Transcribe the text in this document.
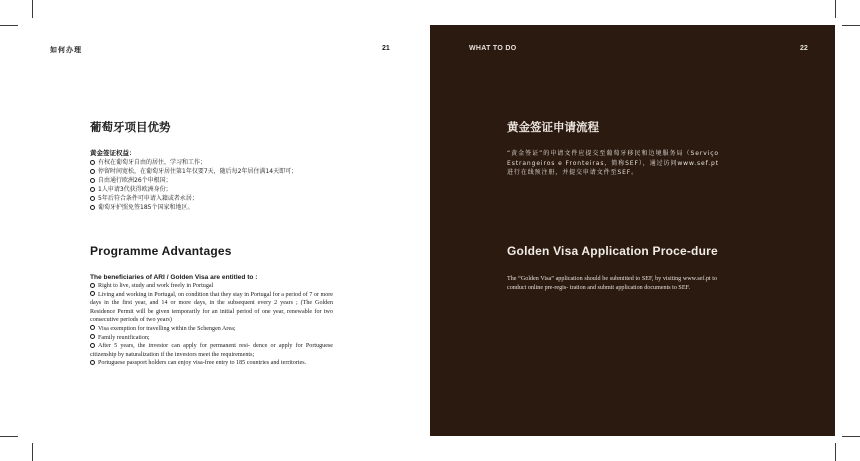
如何办理	21
葡萄牙项目优势
黄金签证权益：
有权在葡萄牙自由的居住，学习和工作；
停留时间宽松，在葡萄牙居住第1年仅要7天，随后每2年居住满14天即可；
自由通行欧洲26个申根国；
1人申请3代获得欧洲身份；
5年后符合条件可申请入籍或者永居；
葡萄牙护照免签185个国家和地区。
Programme Advantages
The beneficiaries of ARI / Golden Visa are entitled to :
Right to live, study and work freely in Portugal
Living and working in Portugal, on condition that they stay in Portugal for a period of 7 or more days in the first year, and 14 or more days, in the subsequent every 2 years ; (The Golden Residence Permit will be given temporarily for an initial period of one year, renewable for two consecutive periods of two years)
Visa exemption for travelling within the Schengen Area;
Family reunification;
After 5 years, the investor can apply for permanent resi- dence or apply for Portuguese citizenship by naturalization if the investors meet the requirements;
Portuguese passport holders can enjoy visa-free entry to 185 countries and territories.
WHAT TO DO	22
黄金签证申请流程
“黄金签证”的申请文件应提交至葡萄牙移民和边境服务局（Serviço Estrangeiros e Fronteiras，简称SEF），通过访问www.sef.pt进行在线预注册，并提交申请文件至SEF。
Golden Visa Application Proce-dure
The “Golden Visa” application should be submitted to SEF, by visiting www.sef.pt to conduct online pre-regis- tration and submit application documents to SEF.
